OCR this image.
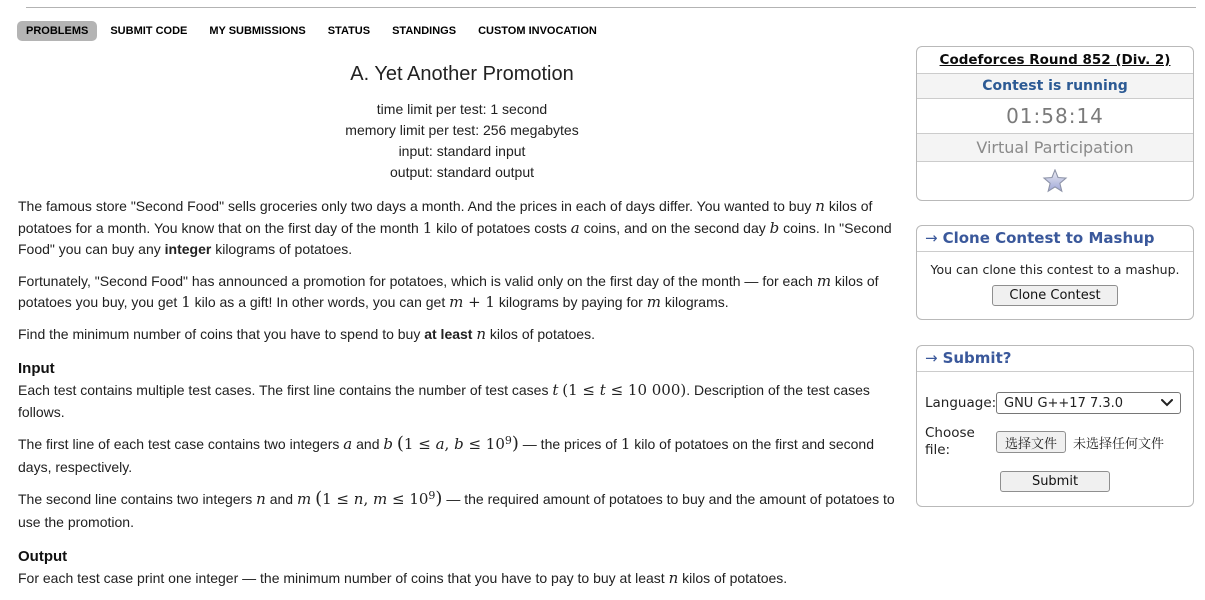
PROBLEMS	SUBMIT CODE	MY SUBMISSIONS	STATUS	STANDINGS	CUSTOM INVOCATION
A. Yet Another Promotion
time limit per test: 1 second
memory limit per test: 256 megabytes
input: standard input
output: standard output

The famous store "Second Food" sells groceries only two days a month. And the prices in each of days differ. You wanted to buy n kilos of potatoes for a month. You know that on the first day of the month 1 kilo of potatoes costs a coins, and on the second day b coins. In "Second Food" you can buy any integer kilograms of potatoes.

Fortunately, "Second Food" has announced a promotion for potatoes, which is valid only on the first day of the month — for each m kilos of potatoes you buy, you get 1 kilo as a gift! In other words, you can get m + 1 kilograms by paying for m kilograms.

Find the minimum number of coins that you have to spend to buy at least n kilos of potatoes.

Input

Each test contains multiple test cases. The first line contains the number of test cases t (1 ≤ t ≤ 10 000). Description of the test cases follows.

The first line of each test case contains two integers a and b (1 ≤ a, $b \le 10^9$) — the prices of 1 kilo of potatoes on the first and second days, respectively.

The second line contains two integers n and m (1 ≤ n, $m \le 10^9$) — the required amount of potatoes to buy and the amount of potatoes to use the promotion.

Output

For each test case print one integer — the minimum number of coins that you have to pay to buy at least n kilos of potatoes.

Codeforces Round 852 (Div. 2)
Contest is running
01:58:14
Virtual Participation
→ Clone Contest to Mashup
You can clone this contest to a mashup.
Clone Contest
→ Submit?
Language: GNU G++17 7.3.0
Choose file:	选择文件 未选择任何文件
Submit
